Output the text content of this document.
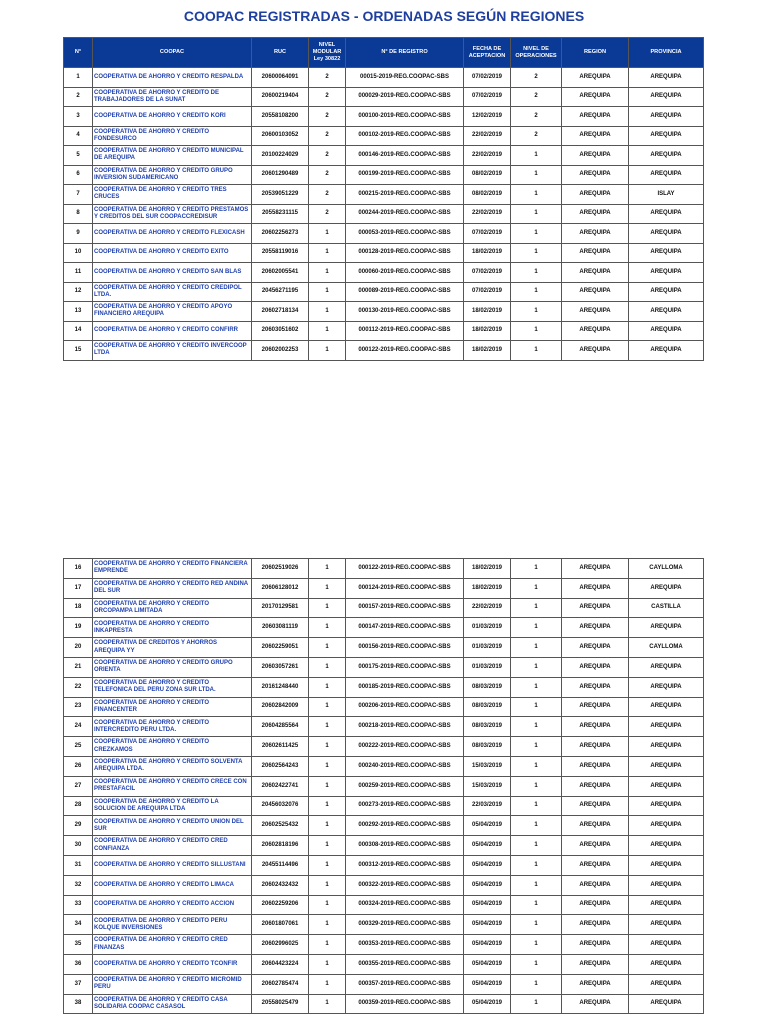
COOPAC REGISTRADAS - ORDENADAS SEGÚN REGIONES
N°	COOPAC	RUC	NIVEL MODULAR Ley 30822	N° DE REGISTRO	FECHA DE ACEPTACION	NIVEL DE OPERACIONES	REGION	PROVINCIA
1	COOPERATIVA DE AHORRO Y CREDITO RESPALDA	20600064091	2	00015-2019-REG.COOPAC-SBS	07/02/2019	2	AREQUIPA	AREQUIPA
2	COOPERATIVA DE AHORRO Y CREDITO DE TRABAJADORES DE LA SUNAT	20600219404	2	000029-2019-REG.COOPAC-SBS	07/02/2019	2	AREQUIPA	AREQUIPA
3	COOPERATIVA DE AHORRO Y CREDITO KORI	20558108200	2	000100-2019-REG.COOPAC-SBS	12/02/2019	2	AREQUIPA	AREQUIPA
4	COOPERATIVA DE AHORRO Y CREDITO FONDESURCO	20600103052	2	000102-2019-REG.COOPAC-SBS	22/02/2019	2	AREQUIPA	AREQUIPA
5	COOPERATIVA DE AHORRO Y CREDITO MUNICIPAL DE AREQUIPA	20100224029	2	000146-2019-REG.COOPAC-SBS	22/02/2019	1	AREQUIPA	AREQUIPA
6	COOPERATIVA DE AHORRO Y CREDITO GRUPO INVERSION SUDAMERICANO	20601290489	2	000199-2019-REG.COOPAC-SBS	08/02/2019	1	AREQUIPA	AREQUIPA
7	COOPERATIVA DE AHORRO Y CREDITO TRES CRUCES	20539051229	2	000215-2019-REG.COOPAC-SBS	08/02/2019	1	AREQUIPA	ISLAY
8	COOPERATIVA DE AHORRO Y CREDITO PRESTAMOS Y CREDITOS DEL SUR COOPACCREDISUR	20558231115	2	000244-2019-REG.COOPAC-SBS	22/02/2019	1	AREQUIPA	AREQUIPA
9	COOPERATIVA DE AHORRO Y CREDITO FLEXICASH	20602256273	1	000053-2019-REG.COOPAC-SBS	07/02/2019	1	AREQUIPA	AREQUIPA
10	COOPERATIVA DE AHORRO Y CREDITO EXITO	20558119016	1	000128-2019-REG.COOPAC-SBS	18/02/2019	1	AREQUIPA	AREQUIPA
11	COOPERATIVA DE AHORRO Y CREDITO SAN BLAS	20602005541	1	000060-2019-REG.COOPAC-SBS	07/02/2019	1	AREQUIPA	AREQUIPA
12	COOPERATIVA DE AHORRO Y CREDITO CREDIPOL LTDA.	20456271195	1	000089-2019-REG.COOPAC-SBS	07/02/2019	1	AREQUIPA	AREQUIPA
13	COOPERATIVA DE AHORRO Y CREDITO APOYO FINANCIERO AREQUIPA	20602718134	1	000130-2019-REG.COOPAC-SBS	18/02/2019	1	AREQUIPA	AREQUIPA
14	COOPERATIVA DE AHORRO Y CREDITO CONFIRR	20603051602	1	000112-2019-REG.COOPAC-SBS	18/02/2019	1	AREQUIPA	AREQUIPA
15	COOPERATIVA DE AHORRO Y CREDITO INVERCOOP LTDA	20602002253	1	000122-2019-REG.COOPAC-SBS	18/02/2019	1	AREQUIPA	AREQUIPA
16	COOPERATIVA DE AHORRO Y CREDITO FINANCIERA EMPRENDE	20602519026	1	000122-2019-REG.COOPAC-SBS	18/02/2019	1	AREQUIPA	CAYLLOMA
17	COOPERATIVA DE AHORRO Y CREDITO RED ANDINA DEL SUR	20606128012	1	000124-2019-REG.COOPAC-SBS	18/02/2019	1	AREQUIPA	AREQUIPA
18	COOPERATIVA DE AHORRO Y CREDITO ORCOPAMPA LIMITADA	20170129581	1	000157-2019-REG.COOPAC-SBS	22/02/2019	1	AREQUIPA	CASTILLA
19	COOPERATIVA DE AHORRO Y CREDITO INKAPRESTA	20603081119	1	000147-2019-REG.COOPAC-SBS	01/03/2019	1	AREQUIPA	AREQUIPA
20	COOPERATIVA DE CREDITOS Y AHORROS AREQUIPA YY	20602259051	1	000156-2019-REG.COOPAC-SBS	01/03/2019	1	AREQUIPA	CAYLLOMA
21	COOPERATIVA DE AHORRO Y CREDITO GRUPO ORIENTA	20603057261	1	000175-2019-REG.COOPAC-SBS	01/03/2019	1	AREQUIPA	AREQUIPA
22	COOPERATIVA DE AHORRO Y CREDITO TELEFONICA DEL PERU ZONA SUR LTDA.	20161248440	1	000185-2019-REG.COOPAC-SBS	08/03/2019	1	AREQUIPA	AREQUIPA
23	COOPERATIVA DE AHORRO Y CREDITO FINANCENTER	20602842009	1	000206-2019-REG.COOPAC-SBS	08/03/2019	1	AREQUIPA	AREQUIPA
24	COOPERATIVA DE AHORRO Y CREDITO INTERCREDITO PERU LTDA.	20604285564	1	000218-2019-REG.COOPAC-SBS	08/03/2019	1	AREQUIPA	AREQUIPA
25	COOPERATIVA DE AHORRO Y CREDITO CREZKAMOS	20602611425	1	000222-2019-REG.COOPAC-SBS	08/03/2019	1	AREQUIPA	AREQUIPA
26	COOPERATIVA DE AHORRO Y CREDITO SOLVENTA AREQUIPA LTDA.	20602564243	1	000240-2019-REG.COOPAC-SBS	15/03/2019	1	AREQUIPA	AREQUIPA
27	COOPERATIVA DE AHORRO Y CREDITO CRECE CON PRESTAFACIL	20602422741	1	000259-2019-REG.COOPAC-SBS	15/03/2019	1	AREQUIPA	AREQUIPA
28	COOPERATIVA DE AHORRO Y CREDITO LA SOLUCION DE AREQUIPA LTDA	20456032076	1	000273-2019-REG.COOPAC-SBS	22/03/2019	1	AREQUIPA	AREQUIPA
29	COOPERATIVA DE AHORRO Y CREDITO UNION DEL SUR	20602525432	1	000292-2019-REG.COOPAC-SBS	05/04/2019	1	AREQUIPA	AREQUIPA
30	COOPERATIVA DE AHORRO Y CREDITO CRED CONFIANZA	20602818196	1	000308-2019-REG.COOPAC-SBS	05/04/2019	1	AREQUIPA	AREQUIPA
31	COOPERATIVA DE AHORRO Y CREDITO SILLUSTANI	20455114496	1	000312-2019-REG.COOPAC-SBS	05/04/2019	1	AREQUIPA	AREQUIPA
32	COOPERATIVA DE AHORRO Y CREDITO LIMACA	20602432432	1	000322-2019-REG.COOPAC-SBS	05/04/2019	1	AREQUIPA	AREQUIPA
33	COOPERATIVA DE AHORRO Y CREDITO ACCION	20602259206	1	000324-2019-REG.COOPAC-SBS	05/04/2019	1	AREQUIPA	AREQUIPA
34	COOPERATIVA DE AHORRO Y CREDITO PERU KOLQUE INVERSIONES	20601807061	1	000329-2019-REG.COOPAC-SBS	05/04/2019	1	AREQUIPA	AREQUIPA
35	COOPERATIVA DE AHORRO Y CREDITO CRED FINANZAS	20602996025	1	000353-2019-REG.COOPAC-SBS	05/04/2019	1	AREQUIPA	AREQUIPA
36	COOPERATIVA DE AHORRO Y CREDITO TCONFIR	20604423224	1	000355-2019-REG.COOPAC-SBS	05/04/2019	1	AREQUIPA	AREQUIPA
37	COOPERATIVA DE AHORRO Y CREDITO MICROMID PERU	20602785474	1	000357-2019-REG.COOPAC-SBS	05/04/2019	1	AREQUIPA	AREQUIPA
38	COOPERATIVA DE AHORRO Y CREDITO CASA SOLIDARIA COOPAC CASASOL	20558025479	1	000359-2019-REG.COOPAC-SBS	05/04/2019	1	AREQUIPA	AREQUIPA
